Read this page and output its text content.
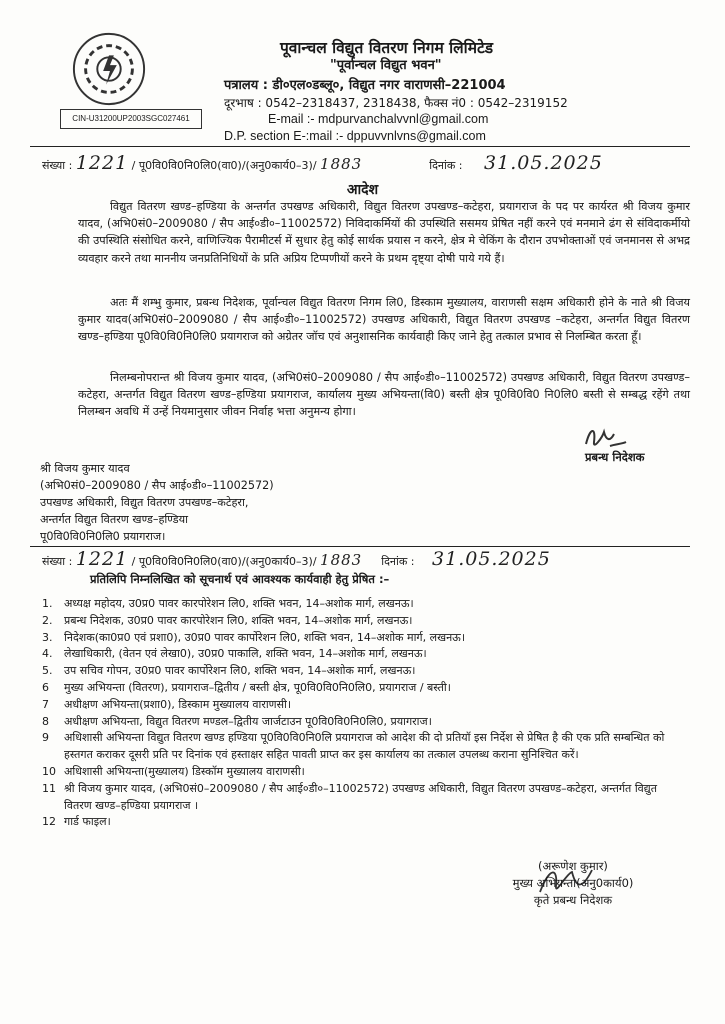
पूवान्चल विद्युत वितरण निगम लिमिटेड
"पूर्वान्चल विद्युत भवन"
पत्रालय : डी०एल०डब्लू०, विद्युत नगर वाराणसी–221004
दूरभाष : 0542–2318437, 2318438, फैक्स नं0 : 0542–2319152
E-mail :- mdpurvanchalvvnl@gmail.com
D.P. section E-:mail :- dppuvvnlvns@gmail.com
CIN-U31200UP2003SGC027461
संख्या : 1221 / पू0वि0वि0नि0लि0(वा0)/(अनु0कार्य0–3)/ 1883	दिनांक : 31.05.2025
आदेश
विद्युत वितरण खण्ड–हण्डिया के अन्तर्गत उपखण्ड अधिकारी, विद्युत वितरण उपखण्ड–कटेहरा, प्रयागराज के पद पर कार्यरत श्री विजय कुमार यादव, (अभि0सं0–2009080 / सैप आई०डी०–11002572) निविदाकर्मियों की उपस्थिति ससमय प्रेषित नहीं करने एवं मनमाने ढंग से संविदाकर्मीयो की उपस्थिति संसोधित करने, वाणिज्यिक पैरामीटर्स में सुधार हेतु कोई सार्थक प्रयास न करने, क्षेत्र मे चेकिंग के दौरान उपभोक्ताओं एवं जनमानस से अभद्र व्यवहार करने तथा माननीय जनप्रतिनिधियों के प्रति अप्रिय टिप्पणीयों करने के प्रथम दृष्ट्या दोषी पाये गये हैं।
अतः मैं शम्भु कुमार, प्रबन्ध निदेशक, पूर्वान्चल विद्युत वितरण निगम लि0, डिस्काम मुख्यालय, वाराणसी सक्षम अधिकारी होने के नाते श्री विजय कुमार यादव(अभि0सं0–2009080 / सैप आई०डी०–11002572) उपखण्ड अधिकारी, विद्युत वितरण उपखण्ड –कटेहरा, अन्तर्गत विद्युत वितरण खण्ड–हण्डिया पू0वि0वि0नि0लि0 प्रयागराज को अग्रेतर जॉच एवं अनुशासनिक कार्यवाही किए जाने हेतु तत्काल प्रभाव से निलम्बित करता हूँ।
निलम्बनोपरान्त श्री विजय कुमार यादव, (अभि0सं0–2009080 / सैप आई०डी०–11002572) उपखण्ड अधिकारी, विद्युत वितरण उपखण्ड–कटेहरा, अन्तर्गत विद्युत वितरण खण्ड–हण्डिया प्रयागराज, कार्यालय मुख्य अभियन्ता(वि0) बस्ती क्षेत्र पू0वि0वि0 नि0लि0 बस्ती से सम्बद्ध रहेंगे तथा निलम्बन अवधि में उन्हें नियमानुसार जीवन निर्वाह भत्ता अनुमन्य होगा।
प्रबन्ध निदेशक
श्री विजय कुमार यादव
(अभि0सं0–2009080 / सैप आई०डी०–11002572)
उपखण्ड अधिकारी, विद्युत वितरण उपखण्ड–कटेहरा,
अन्तर्गत विद्युत वितरण खण्ड–हण्डिया
पू0वि0वि0नि0लि0 प्रयागराज।
संख्या : 1221 / पू0वि0वि0नि0लि0(वा0)/(अनु0कार्य0–3)/ 1883 दिनांक : 31.05.2025
प्रतिलिपि निम्नलिखित को सूचनार्थ एवं आवश्यक कार्यवाही हेतु प्रेषित :–
1.	अध्यक्ष महोदय, उ0प्र0 पावर कारपोरेशन लि0, शक्ति भवन, 14–अशोक मार्ग, लखनऊ।
2.	प्रबन्ध निदेशक, उ0प्र0 पावर कारपोरेशन लि0, शक्ति भवन, 14–अशोक मार्ग, लखनऊ।
3.	निदेशक(का0प्र0 एवं प्रशा0), उ0प्र0 पावर कार्पोरेशन लि0, शक्ति भवन, 14–अशोक मार्ग, लखनऊ।
4.	लेखाधिकारी, (वेतन एवं लेखा0), उ0प्र0 पाकालि, शक्ति भवन, 14–अशोक मार्ग, लखनऊ।
5.	उप सचिव गोपन, उ0प्र0 पावर कार्पोरेशन लि0, शक्ति भवन, 14–अशोक मार्ग, लखनऊ।
6	मुख्य अभियन्ता (वितरण), प्रयागराज–द्वितीय / बस्ती क्षेत्र, पू0वि0वि0नि0लि0, प्रयागराज / बस्ती।
7	अधीक्षण अभियन्ता(प्रशा0), डिस्काम मुख्यालय वाराणसी।
8	अधीक्षण अभियन्ता, विद्युत वितरण मण्डल–द्वितीय जार्जटाउन पू0वि0वि0नि0लि0, प्रयागराज।
9	अधिशासी अभियन्ता विद्युत वितरण खण्ड हण्डिया पू0वि0वि0नि0लि प्रयागराज को आदेश की दो प्रतियॉ इस निर्देश से प्रेषित है की एक प्रति सम्बन्धित को हस्तगत कराकर दूसरी प्रति पर दिनांक एवं हस्ताक्षर सहित पावती प्राप्त कर इस कार्यालय का तत्काल उपलब्ध कराना सुनिश्चित करें।
10 अधिशासी अभियन्ता(मुख्यालय) डिस्कॉम मुख्यालय वाराणसी।
11 श्री विजय कुमार यादव, (अभि0सं0–2009080 / सैप आई०डी०–11002572) उपखण्ड अधिकारी, विद्युत वितरण उपखण्ड–कटेहरा, अन्तर्गत विद्युत वितरण खण्ड–हण्डिया प्रयागराज ।
12 गार्ड फाइल।
(अरूणेश कुमार)
मुख्य अभियन्ता(अनु0कार्य0)
कृते प्रबन्ध निदेशक
